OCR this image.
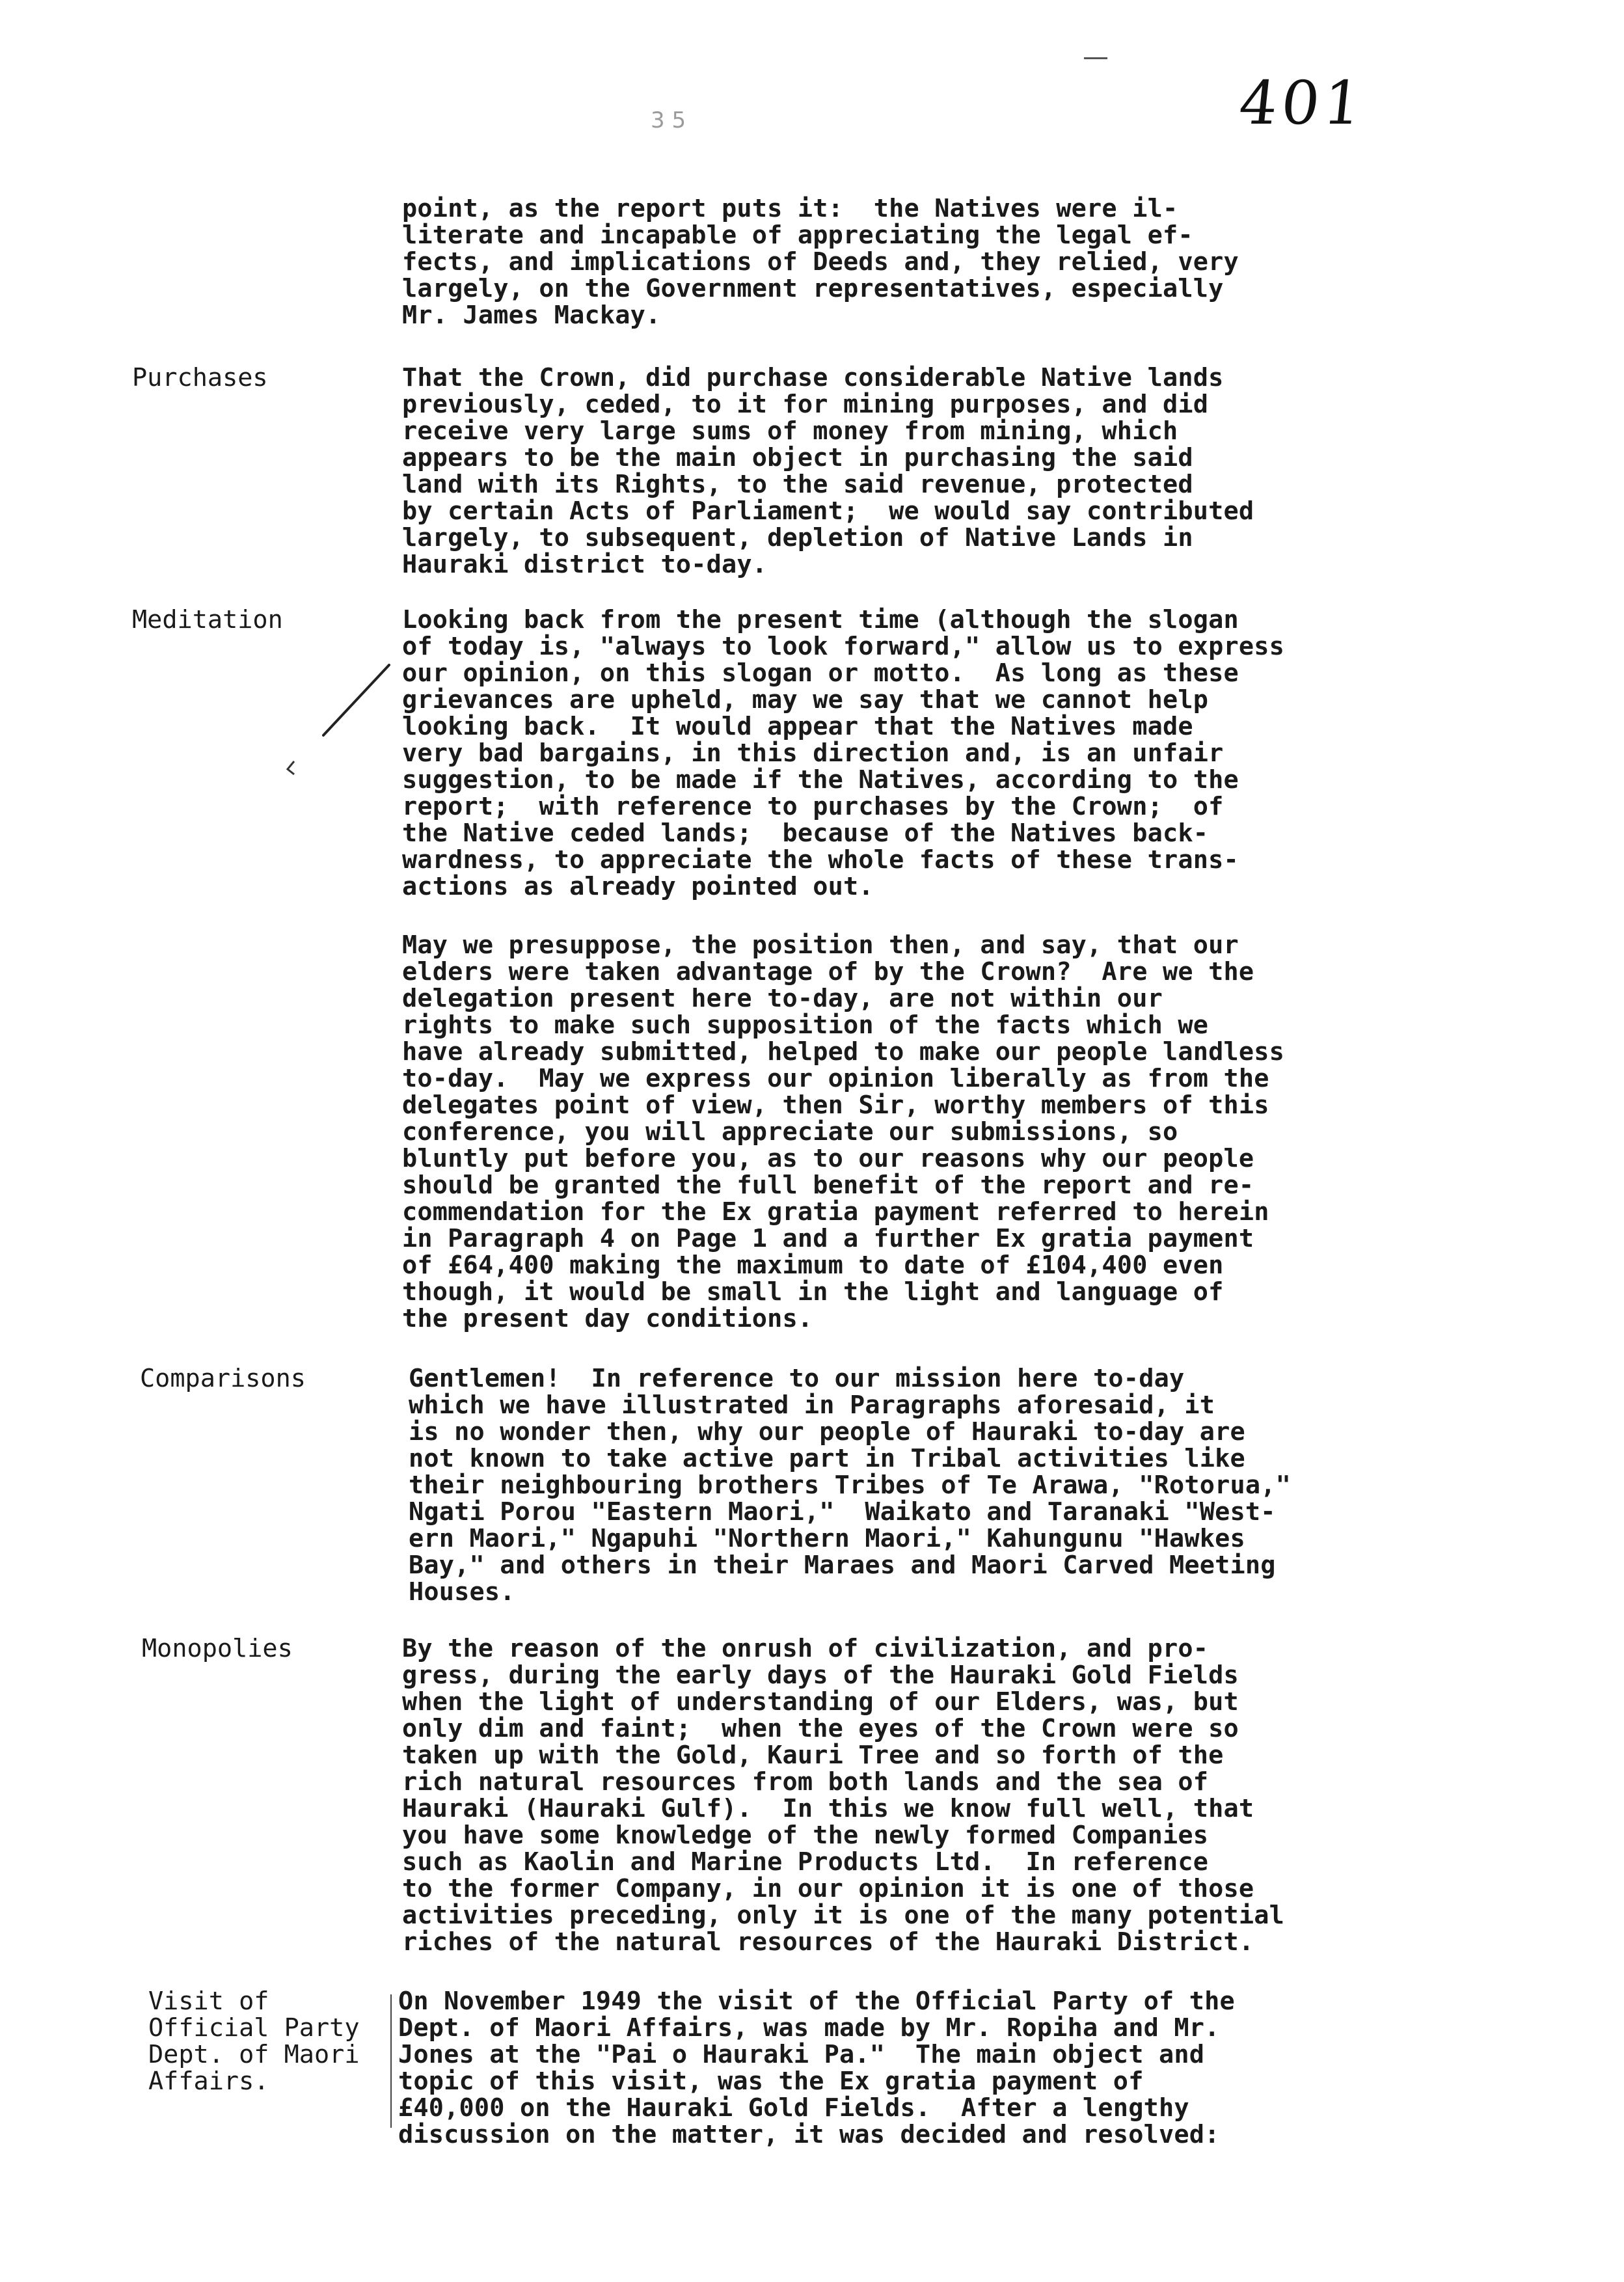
3 5	401

point, as the report puts it:  the Natives were il-
literate and incapable of appreciating the legal ef-
fects, and implications of Deeds and, they relied, very
largely, on the Government representatives, especially
Mr. James Mackay.

Purchases	That the Crown, did purchase considerable Native lands
previously, ceded, to it for mining purposes, and did
receive very large sums of money from mining, which
appears to be the main object in purchasing the said
land with its Rights, to the said revenue, protected
by certain Acts of Parliament;  we would say contributed
largely, to subsequent, depletion of Native Lands in
Hauraki district to-day.

Meditation	Looking back from the present time (although the slogan
of today is, "always to look forward," allow us to express
our opinion, on this slogan or motto.  As long as these
grievances are upheld, may we say that we cannot help
looking back.  It would appear that the Natives made
very bad bargains, in this direction and, is an unfair
suggestion, to be made if the Natives, according to the
report;  with reference to purchases by the Crown;  of
the Native ceded lands;  because of the Natives back-
wardness, to appreciate the whole facts of these trans-
actions as already pointed out.

May we presuppose, the position then, and say, that our
elders were taken advantage of by the Crown?  Are we the
delegation present here to-day, are not within our
rights to make such supposition of the facts which we
have already submitted, helped to make our people landless
to-day.  May we express our opinion liberally as from the
delegates point of view, then Sir, worthy members of this
conference, you will appreciate our submissions, so
bluntly put before you, as to our reasons why our people
should be granted the full benefit of the report and re-
commendation for the Ex gratia payment referred to herein
in Paragraph 4 on Page 1 and a further Ex gratia payment
of £64,400 making the maximum to date of £104,400 even
though, it would be small in the light and language of
the present day conditions.

Comparisons	Gentlemen!  In reference to our mission here to-day
which we have illustrated in Paragraphs aforesaid, it
is no wonder then, why our people of Hauraki to-day are
not known to take active part in Tribal activities like
their neighbouring brothers Tribes of Te Arawa, "Rotorua,"
Ngati Porou "Eastern Maori,"  Waikato and Taranaki "West-
ern Maori," Ngapuhi "Northern Maori," Kahungunu "Hawkes
Bay," and others in their Maraes and Maori Carved Meeting
Houses.

Monopolies	By the reason of the onrush of civilization, and pro-
gress, during the early days of the Hauraki Gold Fields
when the light of understanding of our Elders, was, but
only dim and faint;  when the eyes of the Crown were so
taken up with the Gold, Kauri Tree and so forth of the
rich natural resources from both lands and the sea of
Hauraki (Hauraki Gulf).  In this we know full well, that
you have some knowledge of the newly formed Companies
such as Kaolin and Marine Products Ltd.  In reference
to the former Company, in our opinion it is one of those
activities preceding, only it is one of the many potential
riches of the natural resources of the Hauraki District.

Visit of
Official Party
Dept. of Maori
Affairs.

On November 1949 the visit of the Official Party of the
Dept. of Maori Affairs, was made by Mr. Ropiha and Mr.
Jones at the "Pai o Hauraki Pa."  The main object and
topic of this visit, was the Ex gratia payment of
£40,000 on the Hauraki Gold Fields.  After a lengthy
discussion on the matter, it was decided and resolved:
